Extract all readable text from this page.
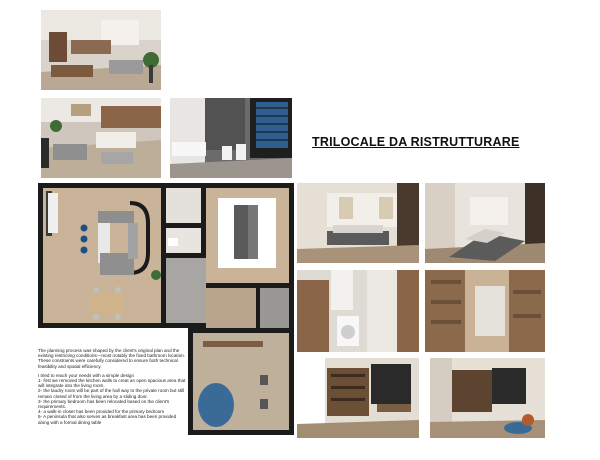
TRILOCALE DA RISTRUTTURARE

The planning process was shaped by the client's original plan and the existing restricting conditions—most notably the fixed bathroom location. These constraints were carefully considered to ensure both technical feasibility and spatial efficiency.

I tried to reach your needs with a simple design
1- first we removed the kitchen walls to creat an open spacious area that will integrate into the living room.
2- the laudry room will be part of the hall way to the private room but still remain closed of from the living area by a sliding door.
3- the primary bedroom has been relocated based on the client's requirements.
4- a walk-in closet has been provided for the primary bedroom
5- A peninsula that also serves as breakfast area has been provided along with a formal dining table
